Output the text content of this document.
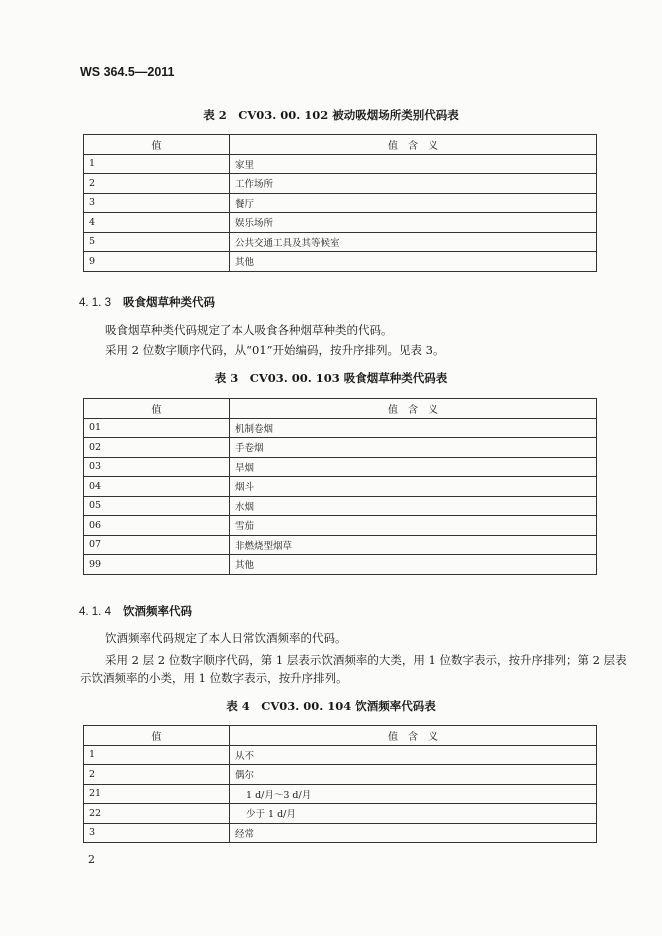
WS 364.5—2011
表 2　CV03. 00. 102 被动吸烟场所类别代码表
值	值含义
1	家里
2	工作场所
3	餐厅
4	娱乐场所
5	公共交通工具及其等候室
9	其他
4. 1. 3 吸食烟草种类代码
吸食烟草种类代码规定了本人吸食各种烟草种类的代码。
采用 2 位数字顺序代码，从“01”开始编码，按升序排列。见表 3。
表 3　CV03. 00. 103 吸食烟草种类代码表
值	值含义
01	机制卷烟
02	手卷烟
03	旱烟
04	烟斗
05	水烟
06	雪茄
07	非燃烧型烟草
99	其他
4. 1. 4 饮酒频率代码
饮酒频率代码规定了本人日常饮酒频率的代码。
采用 2 层 2 位数字顺序代码，第 1 层表示饮酒频率的大类，用 1 位数字表示，按升序排列；第 2 层表
示饮酒频率的小类，用 1 位数字表示，按升序排列。
表 4　CV03. 00. 104 饮酒频率代码表
值	值含义
1	从不
2	偶尔
21	1 d/月～3 d/月
22	少于 1 d/月
3	经常
2
